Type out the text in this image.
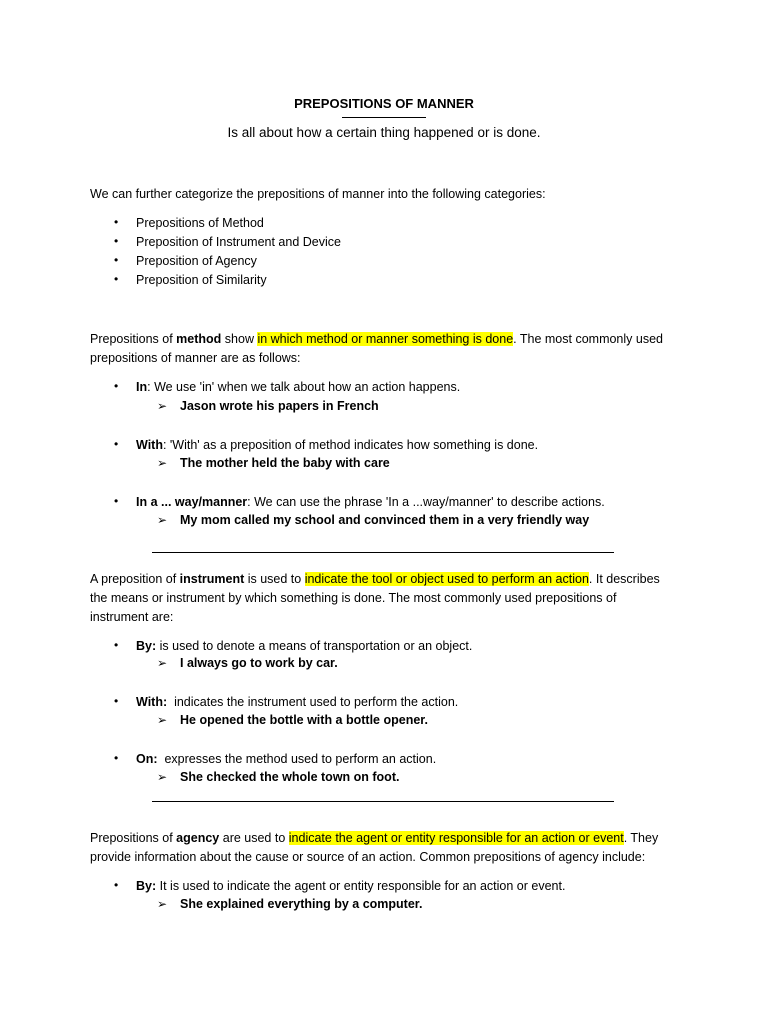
PREPOSITIONS OF MANNER
Is all about how a certain thing happened or is done.
We can further categorize the prepositions of manner into the following categories:
• Prepositions of Method
• Preposition of Instrument and Device
• Preposition of Agency
• Preposition of Similarity
Prepositions of method show in which method or manner something is done. The most commonly used
prepositions of manner are as follows:
• In: We use 'in' when we talk about how an action happens.
➢ Jason wrote his papers in French
• With: 'With' as a preposition of method indicates how something is done.
➢ The mother held the baby with care
• In a ... way/manner: We can use the phrase 'In a ...way/manner' to describe actions.
➢ My mom called my school and convinced them in a very friendly way
A preposition of instrument is used to indicate the tool or object used to perform an action. It describes
the means or instrument by which something is done. The most commonly used prepositions of
instrument are:
• By: is used to denote a means of transportation or an object.
➢ I always go to work by car.
• With: indicates the instrument used to perform the action.
➢ He opened the bottle with a bottle opener.
• On: expresses the method used to perform an action.
➢ She checked the whole town on foot.
Prepositions of agency are used to indicate the agent or entity responsible for an action or event. They
provide information about the cause or source of an action. Common prepositions of agency include:
• By: It is used to indicate the agent or entity responsible for an action or event.
➢ She explained everything by a computer.
